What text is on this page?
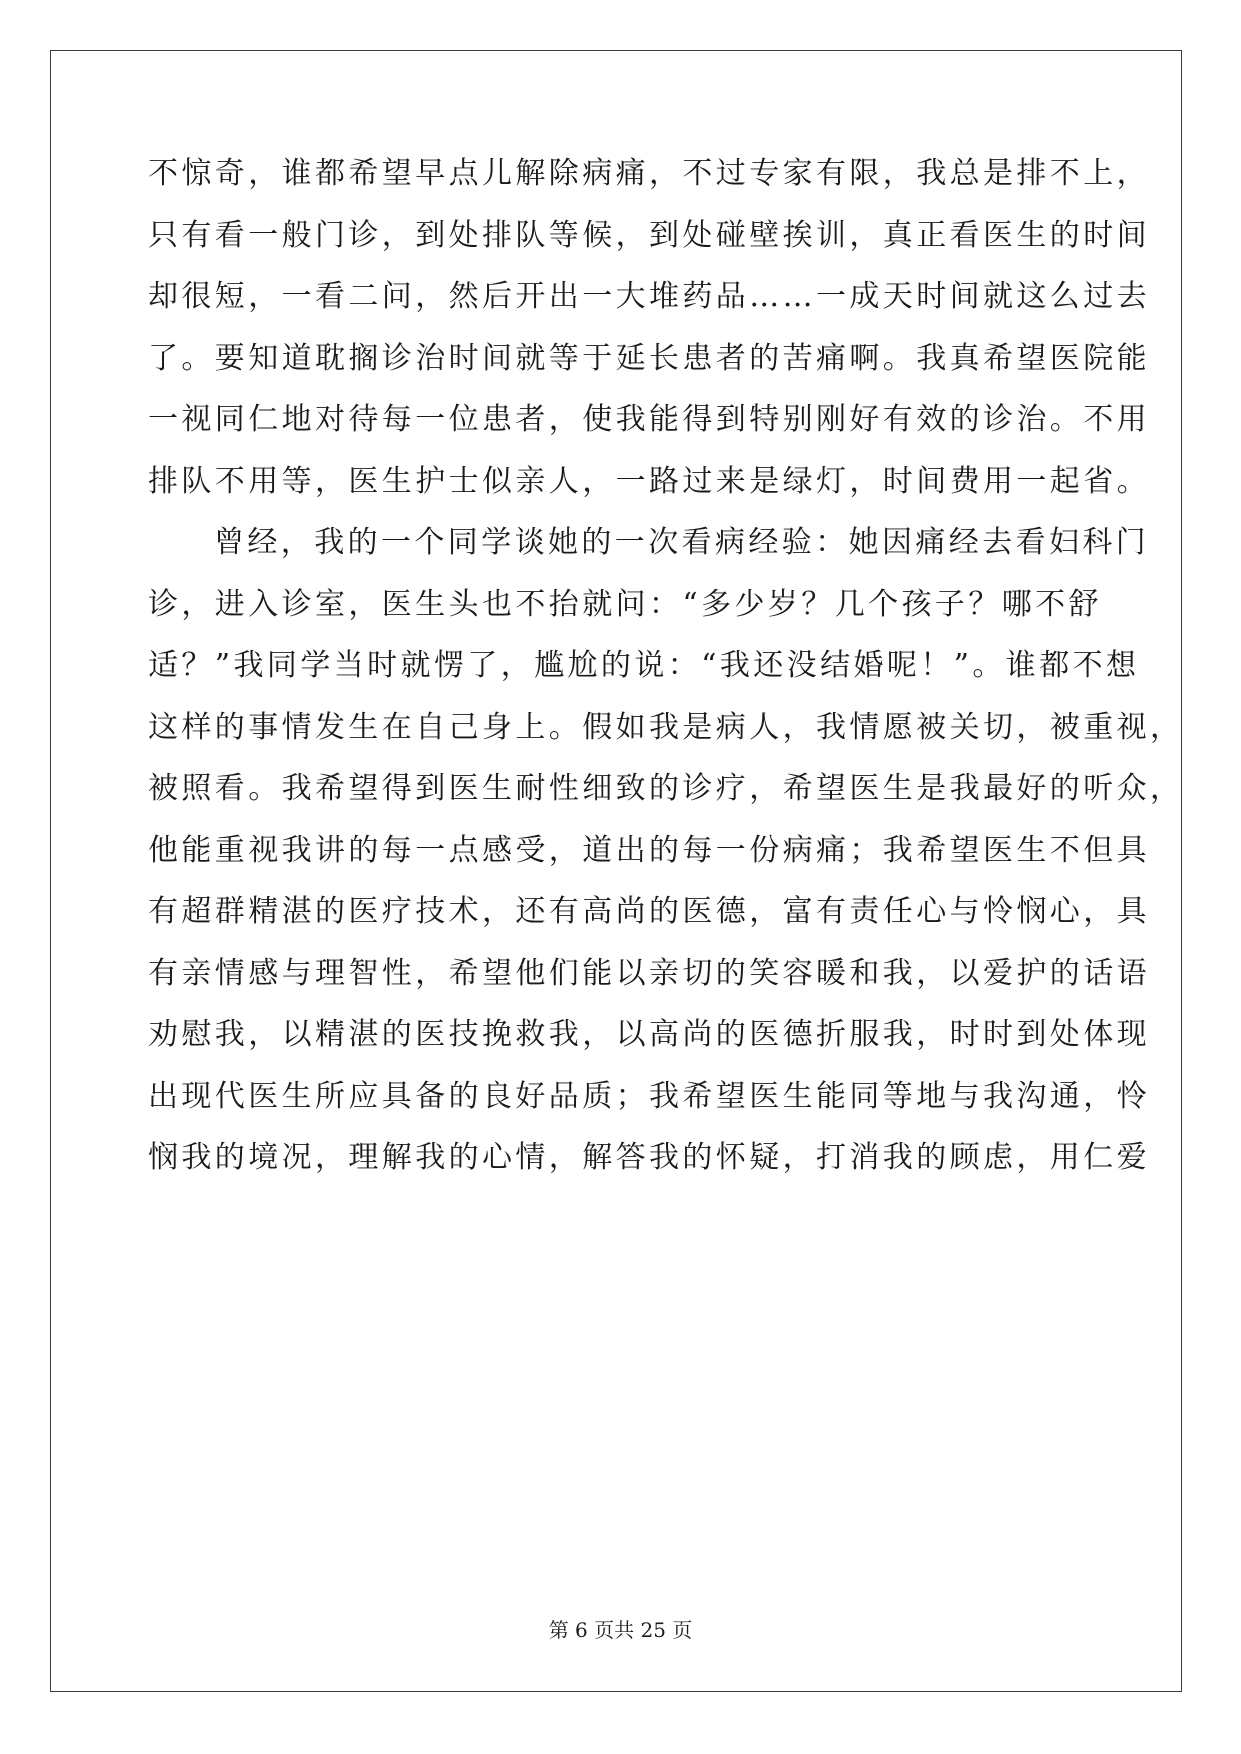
不惊奇，谁都希望早点儿解除病痛，不过专家有限，我总是排不上，
只有看一般门诊，到处排队等候，到处碰壁挨训，真正看医生的时间
却很短，一看二问，然后开出一大堆药品……一成天时间就这么过去
了。要知道耽搁诊治时间就等于延长患者的苦痛啊。我真希望医院能
一视同仁地对待每一位患者，使我能得到特别刚好有效的诊治。不用
排队不用等，医生护士似亲人，一路过来是绿灯，时间费用一起省。
曾经，我的一个同学谈她的一次看病经验：她因痛经去看妇科门
诊，进入诊室，医生头也不抬就问：“多少岁？几个孩子？哪不舒
适？”我同学当时就愣了，尴尬的说：“我还没结婚呢！”。谁都不想
这样的事情发生在自己身上。假如我是病人，我情愿被关切，被重视，
被照看。我希望得到医生耐性细致的诊疗，希望医生是我最好的听众，
他能重视我讲的每一点感受，道出的每一份病痛；我希望医生不但具
有超群精湛的医疗技术，还有高尚的医德，富有责任心与怜悯心，具
有亲情感与理智性，希望他们能以亲切的笑容暖和我，以爱护的话语
劝慰我，以精湛的医技挽救我，以高尚的医德折服我，时时到处体现
出现代医生所应具备的良好品质；我希望医生能同等地与我沟通，怜
悯我的境况，理解我的心情，解答我的怀疑，打消我的顾虑，用仁爱
第 6 页共 25 页
